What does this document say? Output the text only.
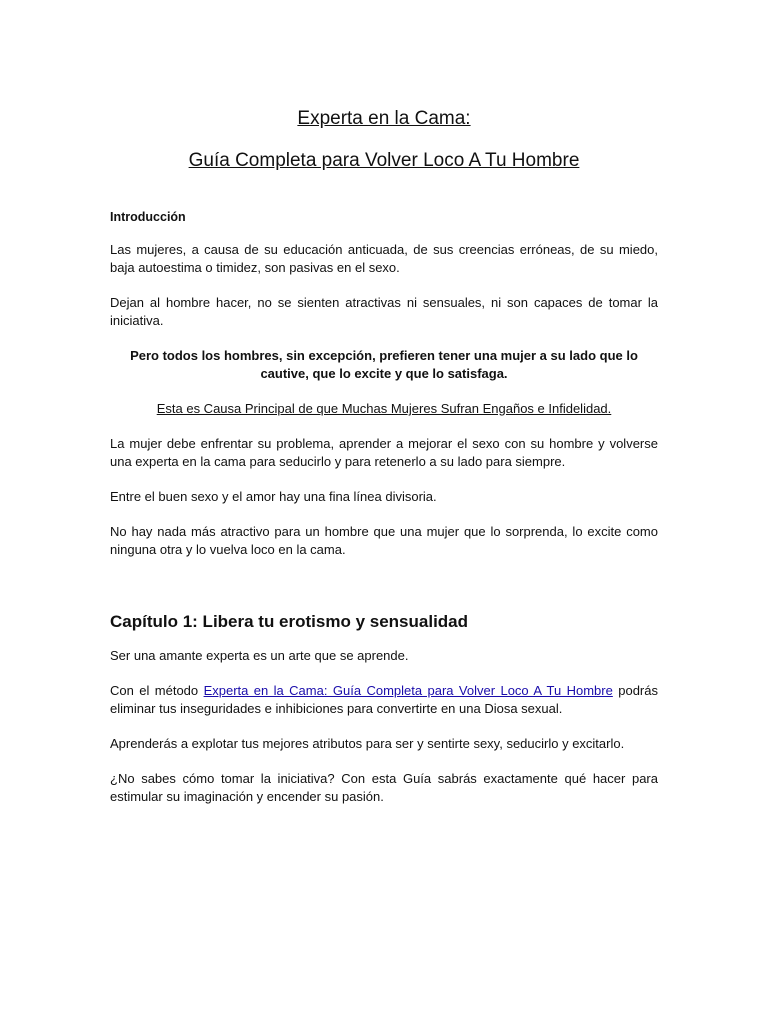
Experta en la Cama:
Guía Completa para Volver Loco A Tu Hombre

Introducción

Las mujeres, a causa de su educación anticuada, de sus creencias erróneas, de su miedo, baja autoestima o timidez, son pasivas en el sexo.

Dejan al hombre hacer, no se sienten atractivas ni sensuales, ni son capaces de tomar la iniciativa.

Pero todos los hombres, sin excepción, prefieren tener una mujer a su lado que lo cautive, que lo excite y que lo satisfaga.

Esta es Causa Principal de que Muchas Mujeres Sufran Engaños e Infidelidad.

La mujer debe enfrentar su problema, aprender a mejorar el sexo con su hombre y volverse una experta en la cama para seducirlo y para retenerlo a su lado para siempre.

Entre el buen sexo y el amor hay una fina línea divisoria.

No hay nada más atractivo para un hombre que una mujer que lo sorprenda, lo excite como ninguna otra y lo vuelva loco en la cama.

Capítulo 1: Libera tu erotismo y sensualidad

Ser una amante experta es un arte que se aprende.

Con el método Experta en la Cama: Guía Completa para Volver Loco A Tu Hombre podrás eliminar tus inseguridades e inhibiciones para convertirte en una Diosa sexual.

Aprenderás a explotar tus mejores atributos para ser y sentirte sexy, seducirlo y excitarlo.

¿No sabes cómo tomar la iniciativa? Con esta Guía sabrás exactamente qué hacer para estimular su imaginación y encender su pasión.
